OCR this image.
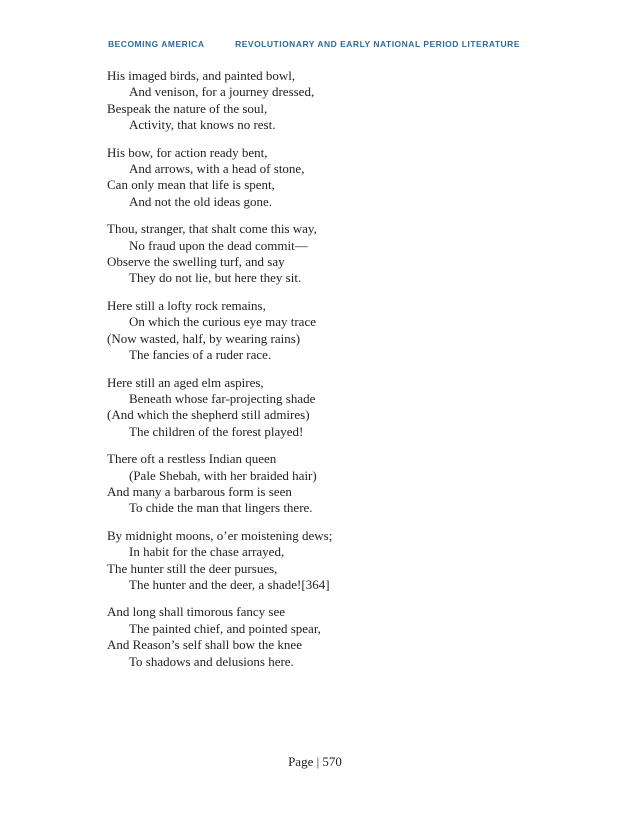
BECOMING AMERICA	REVOLUTIONARY AND EARLY NATIONAL PERIOD LITERATURE

His imaged birds, and painted bowl,

And venison, for a journey dressed,

Bespeak the nature of the soul,

Activity, that knows no rest.

His bow, for action ready bent,

And arrows, with a head of stone,

Can only mean that life is spent,

And not the old ideas gone.

Thou, stranger, that shalt come this way,

No fraud upon the dead commit—

Observe the swelling turf, and say

They do not lie, but here they sit.

Here still a lofty rock remains,

On which the curious eye may trace

(Now wasted, half, by wearing rains)

The fancies of a ruder race.

Here still an aged elm aspires,

Beneath whose far-projecting shade

(And which the shepherd still admires)

The children of the forest played!

There oft a restless Indian queen

(Pale Shebah, with her braided hair)

And many a barbarous form is seen

To chide the man that lingers there.

By midnight moons, o’er moistening dews;

In habit for the chase arrayed,

The hunter still the deer pursues,

The hunter and the deer, a shade![364]

And long shall timorous fancy see

The painted chief, and pointed spear,

And Reason’s self shall bow the knee

To shadows and delusions here.

Page | 570
